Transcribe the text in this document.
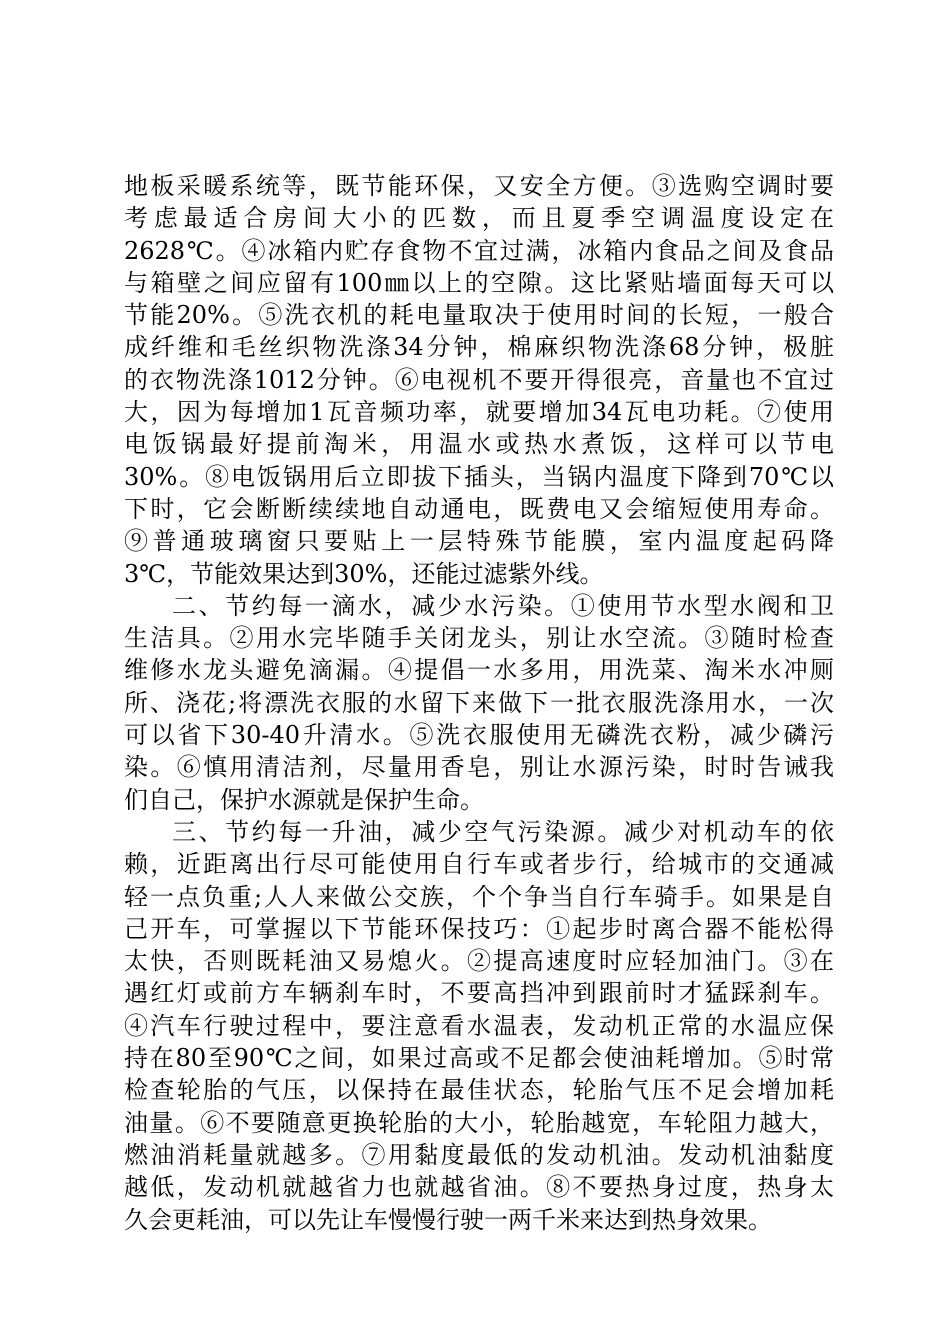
地板采暖系统等，既节能环保，又安全方便。③选购空调时要
考虑最适合房间大小的匹数，而且夏季空调温度设定在
2628℃。④冰箱内贮存食物不宜过满，冰箱内食品之间及食品
与箱壁之间应留有100㎜以上的空隙。这比紧贴墙面每天可以
节能20%。⑤洗衣机的耗电量取决于使用时间的长短，一般合
成纤维和毛丝织物洗涤34分钟，棉麻织物洗涤68分钟，极脏
的衣物洗涤1012分钟。⑥电视机不要开得很亮，音量也不宜过
大，因为每增加1瓦音频功率，就要增加34瓦电功耗。⑦使用
电饭锅最好提前淘米，用温水或热水煮饭，这样可以节电
30%。⑧电饭锅用后立即拔下插头，当锅内温度下降到70℃以
下时，它会断断续续地自动通电，既费电又会缩短使用寿命。
⑨普通玻璃窗只要贴上一层特殊节能膜，室内温度起码降
3℃，节能效果达到30%，还能过滤紫外线。
二、节约每一滴水，减少水污染。①使用节水型水阀和卫
生洁具。②用水完毕随手关闭龙头，别让水空流。③随时检查
维修水龙头避免滴漏。④提倡一水多用，用洗菜、淘米水冲厕
所、浇花;将漂洗衣服的水留下来做下一批衣服洗涤用水，一次
可以省下30-40升清水。⑤洗衣服使用无磷洗衣粉，减少磷污
染。⑥慎用清洁剂，尽量用香皂，别让水源污染，时时告诫我
们自己，保护水源就是保护生命。
三、节约每一升油，减少空气污染源。减少对机动车的依
赖，近距离出行尽可能使用自行车或者步行，给城市的交通减
轻一点负重;人人来做公交族，个个争当自行车骑手。如果是自
己开车，可掌握以下节能环保技巧：①起步时离合器不能松得
太快，否则既耗油又易熄火。②提高速度时应轻加油门。③在
遇红灯或前方车辆刹车时，不要高挡冲到跟前时才猛踩刹车。
④汽车行驶过程中，要注意看水温表，发动机正常的水温应保
持在80至90℃之间，如果过高或不足都会使油耗增加。⑤时常
检查轮胎的气压，以保持在最佳状态，轮胎气压不足会增加耗
油量。⑥不要随意更换轮胎的大小，轮胎越宽，车轮阻力越大，
燃油消耗量就越多。⑦用黏度最低的发动机油。发动机油黏度
越低，发动机就越省力也就越省油。⑧不要热身过度，热身太
久会更耗油，可以先让车慢慢行驶一两千米来达到热身效果。
